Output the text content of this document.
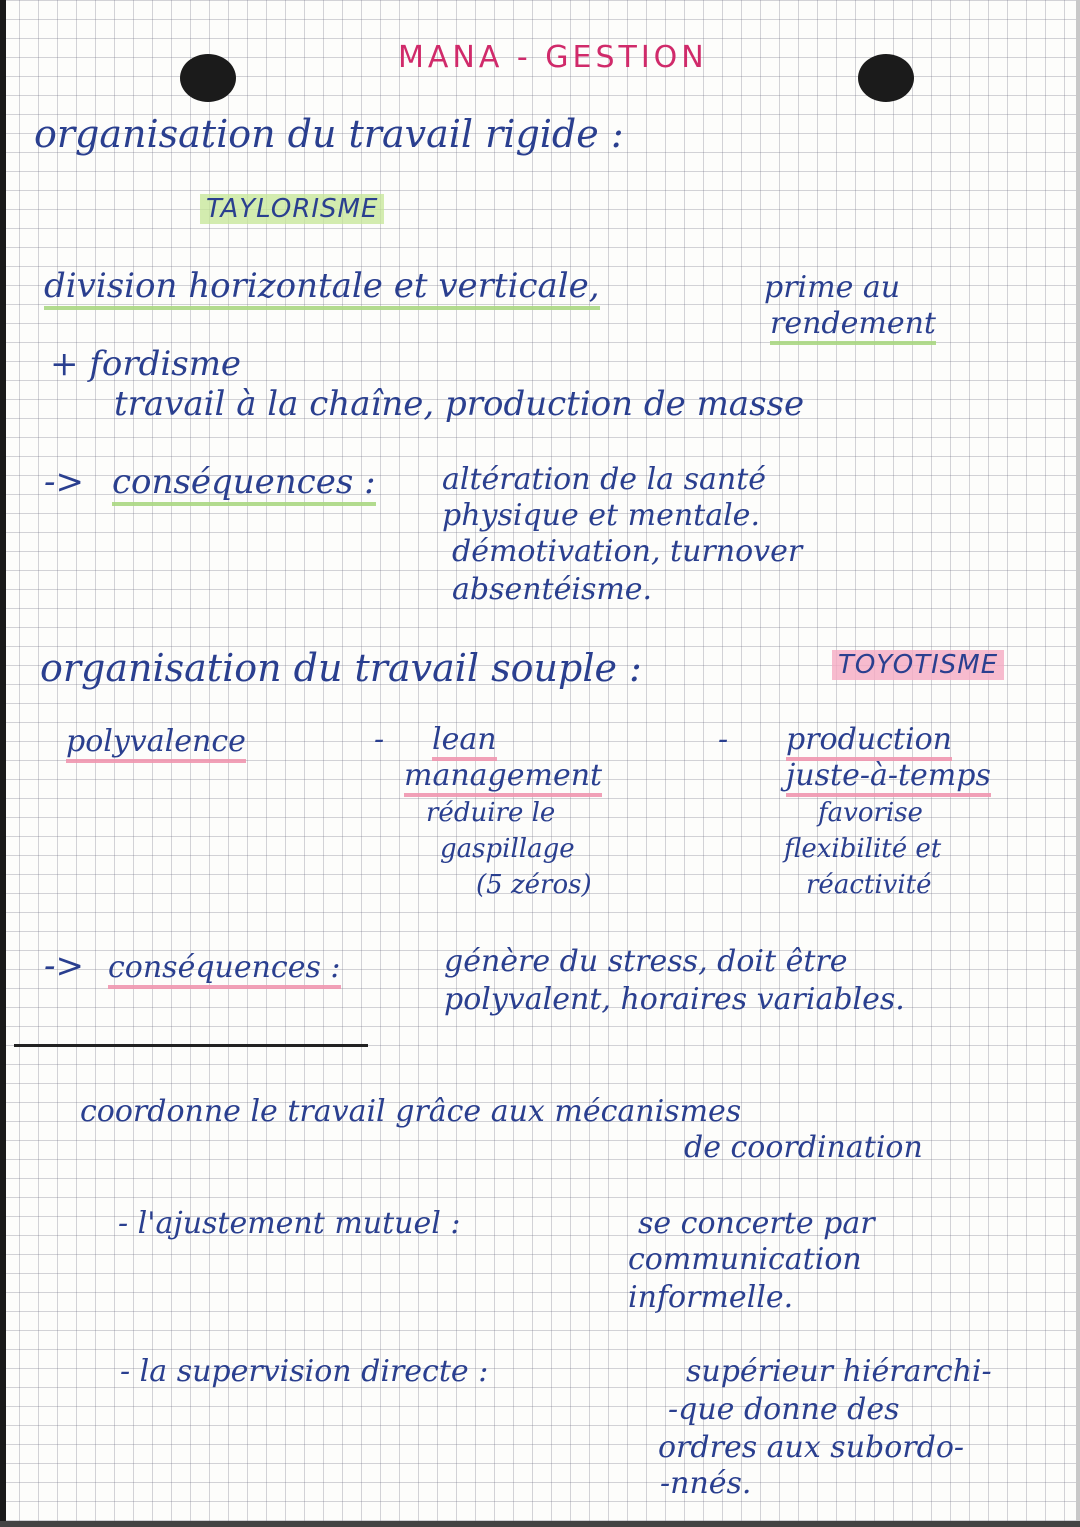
MANA - GESTION
organisation du travail rigide :
TAYLORISME
division horizontale et verticale,	prime au
rendement
+ fordisme
travail à la chaîne, production de masse
-> conséquences : altération de la santé
physique et mentale.
démotivation, turnover
absentéisme.
organisation du travail souple :	TOYOTISME
polyvalence	- lean
management
réduire le
gaspillage
(5 zéros)
- production
juste-à-temps
favorise
flexibilité et
réactivité
-> conséquences :	génère du stress, doit être
polyvalent, horaires variables.
coordonne le travail grâce aux mécanismes
de coordination
- l'ajustement mutuel :	se concerte par
communication
informelle.
- la supervision directe :	supérieur hiérarchi-
-que donne des
ordres aux subordo-
-nnés.
